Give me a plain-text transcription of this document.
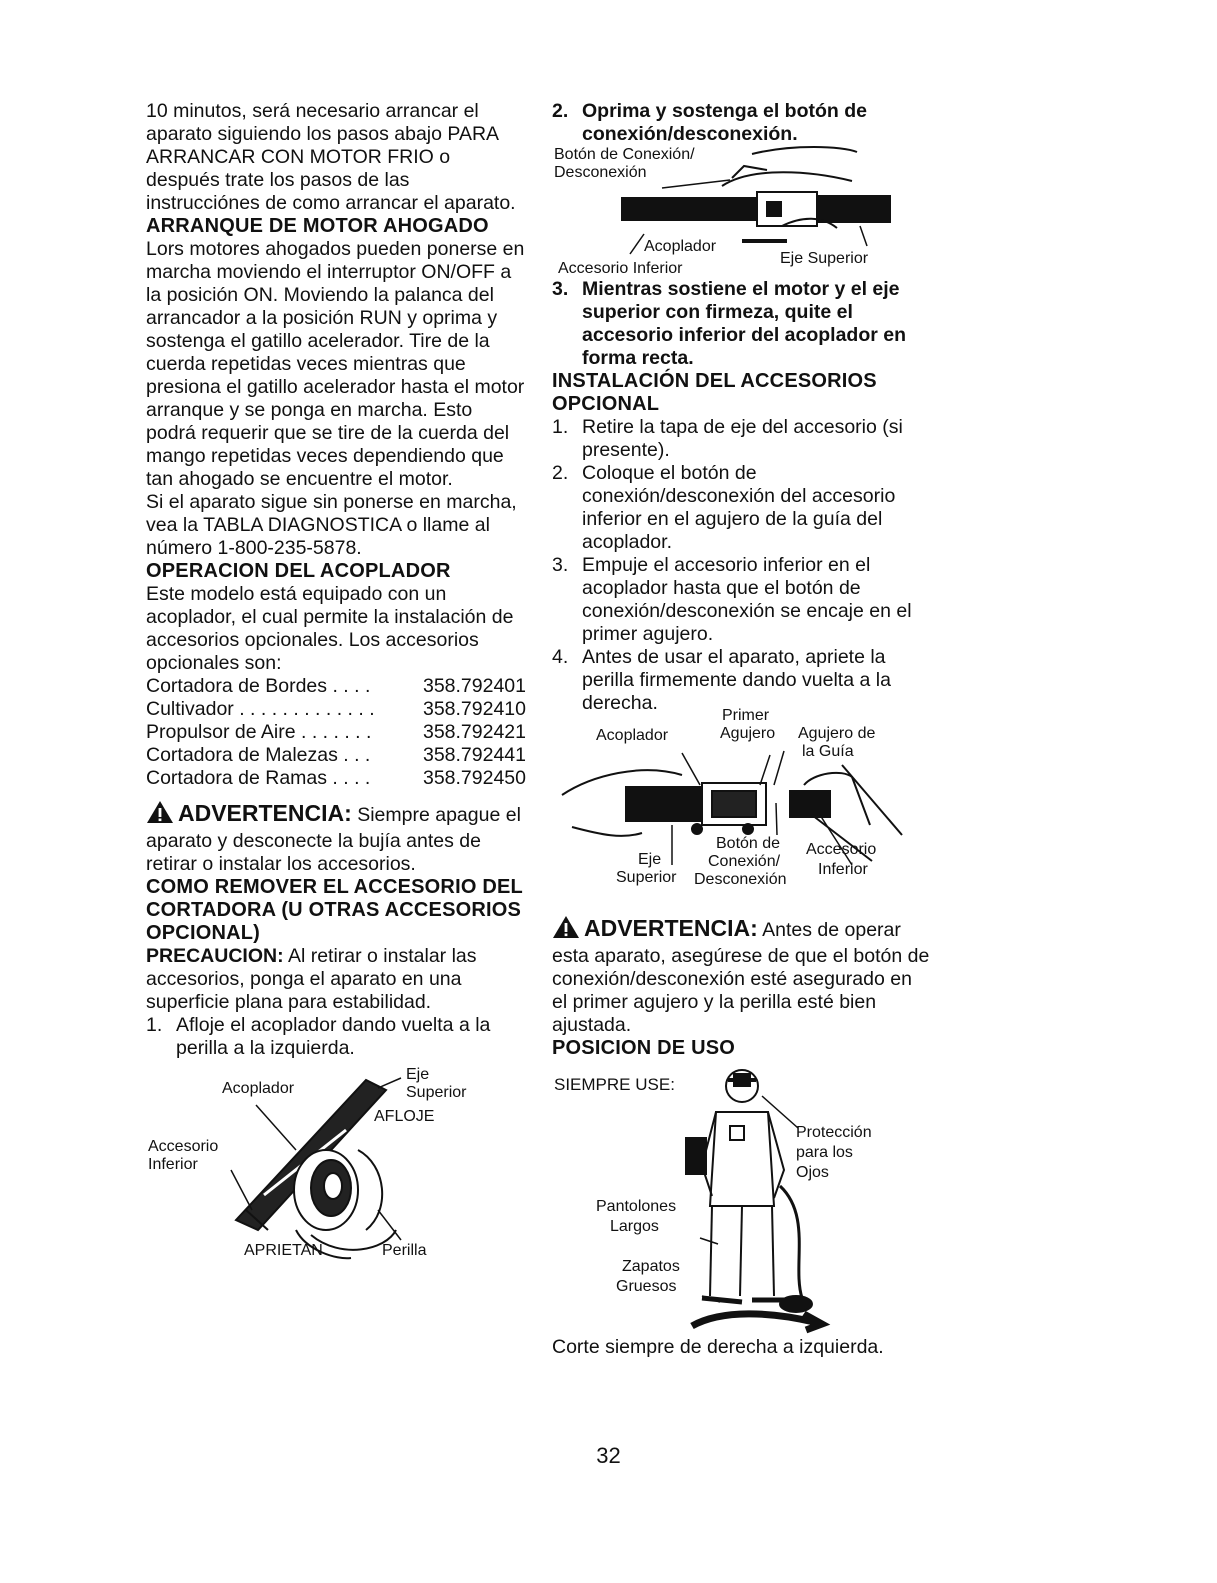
10 minutos, será necesario arrancar el aparato siguiendo los pasos abajo PARA ARRANCAR CON MOTOR FRIO o después trate los pasos de las instrucciónes de como arrancar el aparato.

ARRANQUE DE MOTOR AHOGADO

Lors motores ahogados pueden ponerse en marcha moviendo el interruptor ON/OFF a la posición ON. Moviendo la palanca del arrancador a la posición RUN y oprima y sostenga el gatillo acelerador. Tire de la cuerda repetidas veces mientras que presiona el gatillo acelerador hasta el motor arranque y se ponga en marcha. Esto podrá requerir que se tire de la cuerda del mango repetidas veces dependiendo que tan ahogado se encuentre el motor.

Si el aparato sigue sin ponerse en marcha, vea la TABLA DIAGNOSTICA o llame al número 1-800-235-5878.

OPERACION DEL ACOPLADOR

Este modelo está equipado con un acoplador, el cual permite la instalación de accesorios opcionales. Los accesorios opcionales son:

Cortadora de Bordes . . . .	358.792401
Cultivador . . . . . . . . . . . . . 358.792410
Propulsor de Aire . . . . . . .	358.792421
Cortadora de Malezas . . .	358.792441
Cortadora de Ramas . . . .	358.792450

ADVERTENCIA: Siempre apague el aparato y desconecte la bujía antes de retirar o instalar los accesorios.

COMO REMOVER EL ACCESORIO DEL CORTADORA (U OTRAS ACCESORIOS OPCIONAL)

PRECAUCION: Al retirar o instalar las accesorios, ponga el aparato en una superficie plana para estabilidad.

1. Afloje el acoplador dando vuelta a la perilla a la izquierda.
Acoplador
Eje
Superior
AFLOJE
Accesorio
Inferior
APRIETAN	Perilla
2. Oprima y sostenga el botón de conexión/desconexión.
Botón de Conexión/
Desconexión
Acoplador
Accesorio Inferior
Eje Superior
3. Mientras sostiene el motor y el eje superior con firmeza, quite el accesorio inferior del acoplador en forma recta.

INSTALACIÓN DEL ACCESORIOS OPCIONAL

1. Retire la tapa de eje del accesorio (si presente).
2. Coloque el botón de conexión/desconexión del accesorio inferior en el agujero de la guía del acoplador.
3. Empuje el accesorio inferior en el acoplador hasta que el botón de conexión/desconexión se encaje en el primer agujero.
4. Antes de usar el aparato, apriete la perilla firmemente dando vuelta a la derecha.
Acoplador
Primer
Agujero Agujero de
la Guía
Eje
Superior
Botón de
Conexión/
Desconexión
Accesorio
Inferior

ADVERTENCIA: Antes de operar esta aparato, asegúrese de que el botón de conexión/desconexión esté asegurado en el primer agujero y la perilla esté bien ajustada.

POSICION DE USO

SIEMPRE USE:
Protección
para los
Ojos
Pantolones
Largos
Zapatos
Gruesos

Corte siempre de derecha a izquierda.

32
